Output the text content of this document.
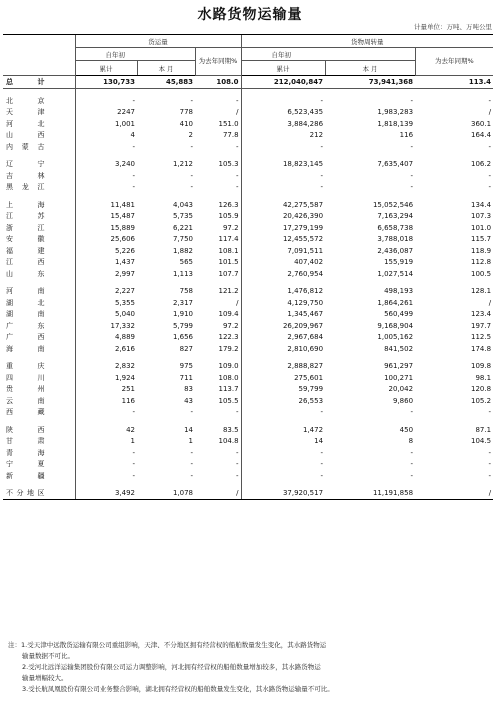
水路货物运输量
计量单位：万吨、万吨公里
	货运量			货物周转量		
	自年初		为去年同期%	自年初		为去年同期%
	累计	本 月		累计	本 月	
总 计	130,733	45,883	108.0	212,040,847	73,941,368	113.4

北京	-	-	-	-	-	-
天津	2247	778	/	6,523,435	1,983,283	/
河北	1,001	410	151.0	3,884,286	1,818,139	360.1
山西	4	2	77.8	212	116	164.4
内蒙古	-	-	-	-	-	-

辽宁	3,240	1,212	105.3	18,823,145	7,635,407	106.2
吉林	-	-	-	-	-	-
黑龙江	-	-	-	-	-	-

上海	11,481	4,043	126.3	42,275,587	15,052,546	134.4
江苏	15,487	5,735	105.9	20,426,390	7,163,294	107.3
浙江	15,889	6,221	97.2	17,279,199	6,658,738	101.0
安徽	25,606	7,750	117.4	12,455,572	3,788,018	115.7
福建	5,226	1,882	108.1	7,091,511	2,436,087	118.9
江西	1,437	565	101.5	407,402	155,919	112.8
山东	2,997	1,113	107.7	2,760,954	1,027,514	100.5

河南	2,227	758	121.2	1,476,812	498,193	128.1
湖北	5,355	2,317	/	4,129,750	1,864,261	/
湖南	5,040	1,910	109.4	1,345,467	560,499	123.4
广东	17,332	5,799	97.2	26,209,967	9,168,904	197.7
广西	4,889	1,656	122.3	2,967,684	1,005,162	112.5
海南	2,616	827	179.2	2,810,690	841,502	174.8

重庆	2,832	975	109.0	2,888,827	961,297	109.8
四川	1,924	711	108.0	275,601	100,271	98.1
贵州	251	83	113.7	59,799	20,042	120.8
云南	116	43	105.5	26,553	9,860	105.2
西藏	-	-	-	-	-	-

陕西	42	14	83.5	1,472	450	87.1
甘肃	1	1	104.8	14	8	104.5
青海	-	-	-	-	-	-
宁夏	-	-	-	-	-	-
新疆	-	-	-	-	-	-

不分地区	3,492	1,078	/	37,920,517	11,191,858	/
注：1.受天津中远散货运输有限公司重组影响，天津、不分地区拥有经营权的船舶数量发生变化，其水路货物运
输量数据不可比。
2.受河北远洋运输集团股份有限公司运力调整影响，河北拥有经营权的船舶数量增加较多，其水路货物运
输量增幅较大。
3.受长航凤凰股份有限公司业务整合影响，湖北拥有经营权的船舶数量发生变化，其水路货物运输量不可比。
